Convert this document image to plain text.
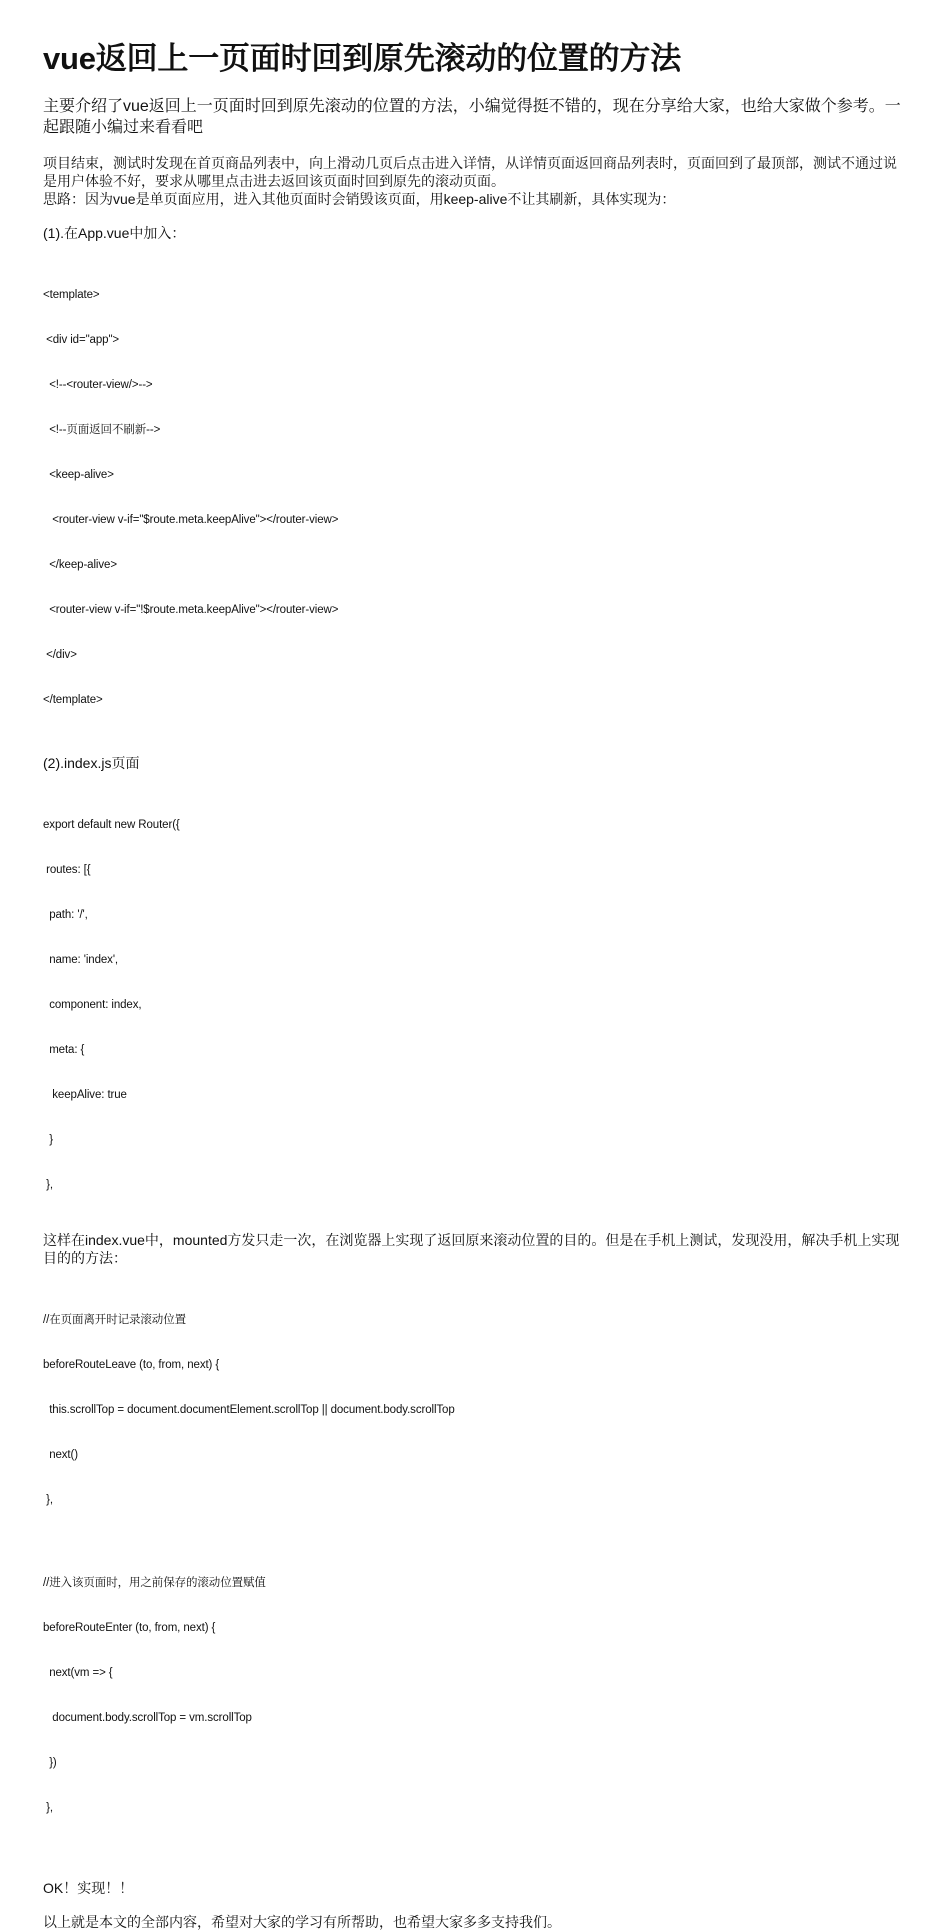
vue返回上一页面时回到原先滚动的位置的方法

主要介绍了vue返回上一页面时回到原先滚动的位置的方法，小编觉得挺不错的，现在分享给大家，也给大家做个参考。一起跟随小编过来看看吧

项目结束，测试时发现在首页商品列表中，向上滑动几页后点击进入详情，从详情页面返回商品列表时，页面回到了最顶部，测试不通过说是用户体验不好，要求从哪里点击进去返回该页面时回到原先的滚动页面。

思路：因为vue是单页面应用，进入其他页面时会销毁该页面，用keep-alive不让其刷新，具体实现为：

(1).在App.vue中加入：

<template>

<div id="app">

<!--<router-view/>-->

<!--页面返回不刷新-->

<keep-alive>

<router-view v-if="$route.meta.keepAlive"></router-view>

</keep-alive>

<router-view v-if="!$route.meta.keepAlive"></router-view>

</div>

</template>

(2).index.js页面

export default new Router({

routes: [{

path: '/',

name: 'index',

component: index,

meta: {

keepAlive: true

}

},

这样在index.vue中，mounted方发只走一次，在浏览器上实现了返回原来滚动位置的目的。但是在手机上测试，发现没用，解决手机上实现目的的方法：

//在页面离开时记录滚动位置

beforeRouteLeave (to, from, next) {

this.scrollTop = document.documentElement.scrollTop || document.body.scrollTop

next()

},

//进入该页面时，用之前保存的滚动位置赋值

beforeRouteEnter (to, from, next) {

next(vm => {

document.body.scrollTop = vm.scrollTop

})

},

OK！实现！！

以上就是本文的全部内容，希望对大家的学习有所帮助，也希望大家多多支持我们。
